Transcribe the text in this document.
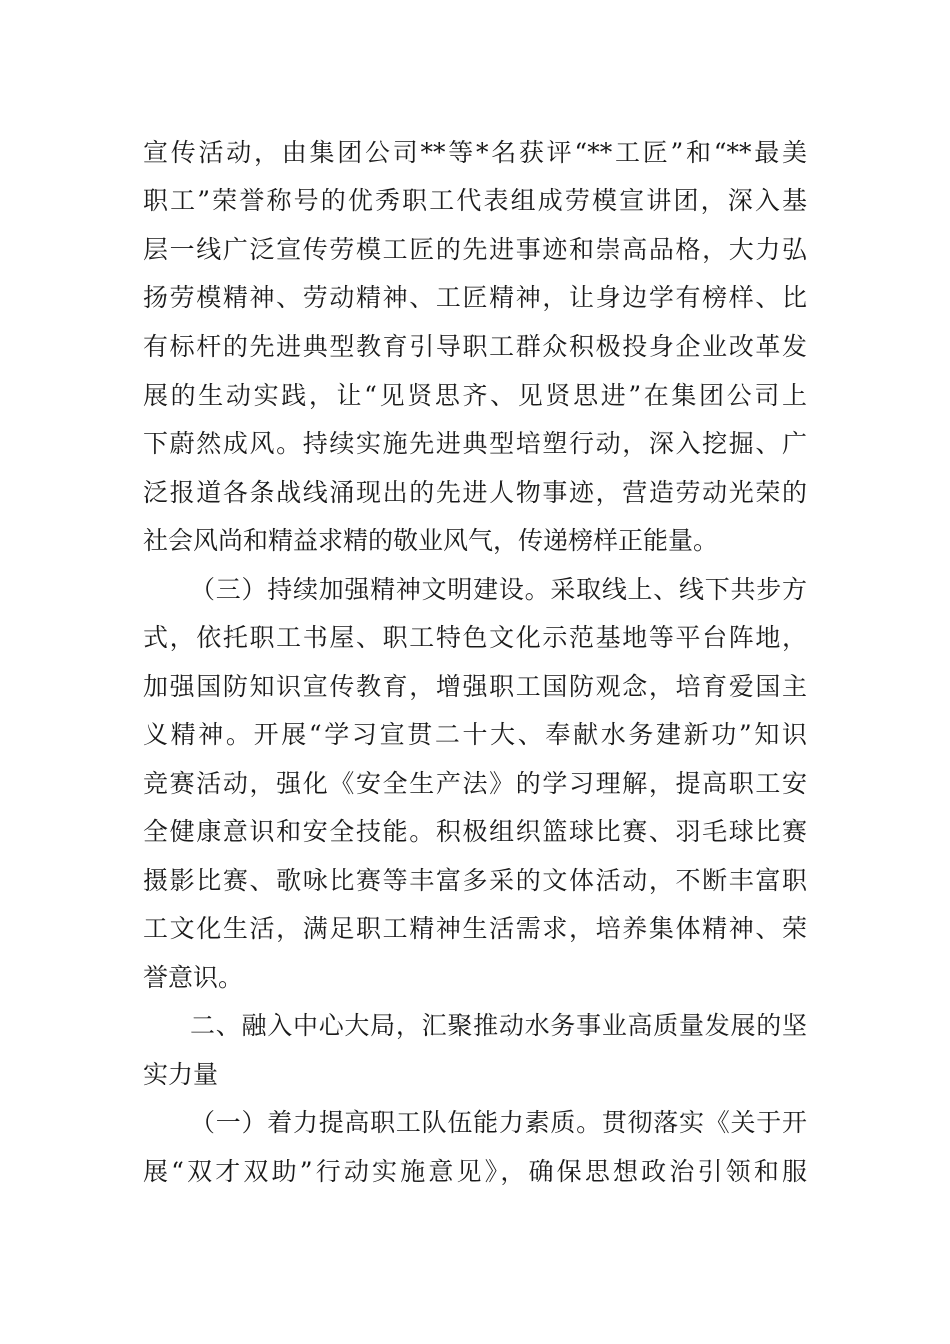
宣传活动，由集团公司**等*名获评“**工匠”和“**最美

职工”荣誉称号的优秀职工代表组成劳模宣讲团，深入基

层一线广泛宣传劳模工匠的先进事迹和崇高品格，大力弘

扬劳模精神、劳动精神、工匠精神，让身边学有榜样、比

有标杆的先进典型教育引导职工群众积极投身企业改革发

展的生动实践，让“见贤思齐、见贤思进”在集团公司上

下蔚然成风。持续实施先进典型培塑行动，深入挖掘、广

泛报道各条战线涌现出的先进人物事迹，营造劳动光荣的

社会风尚和精益求精的敬业风气，传递榜样正能量。

（三）持续加强精神文明建设。采取线上、线下共步方

式，依托职工书屋、职工特色文化示范基地等平台阵地，

加强国防知识宣传教育，增强职工国防观念，培育爱国主

义精神。开展“学习宣贯二十大、奉献水务建新功”知识

竞赛活动，强化《安全生产法》的学习理解，提高职工安

全健康意识和安全技能。积极组织篮球比赛、羽毛球比赛

摄影比赛、歌咏比赛等丰富多采的文体活动，不断丰富职

工文化生活，满足职工精神生活需求，培养集体精神、荣

誉意识。

二、融入中心大局，汇聚推动水务事业高质量发展的坚

实力量

（一）着力提高职工队伍能力素质。贯彻落实《关于开

展“双才双助”行动实施意见》，确保思想政治引领和服
